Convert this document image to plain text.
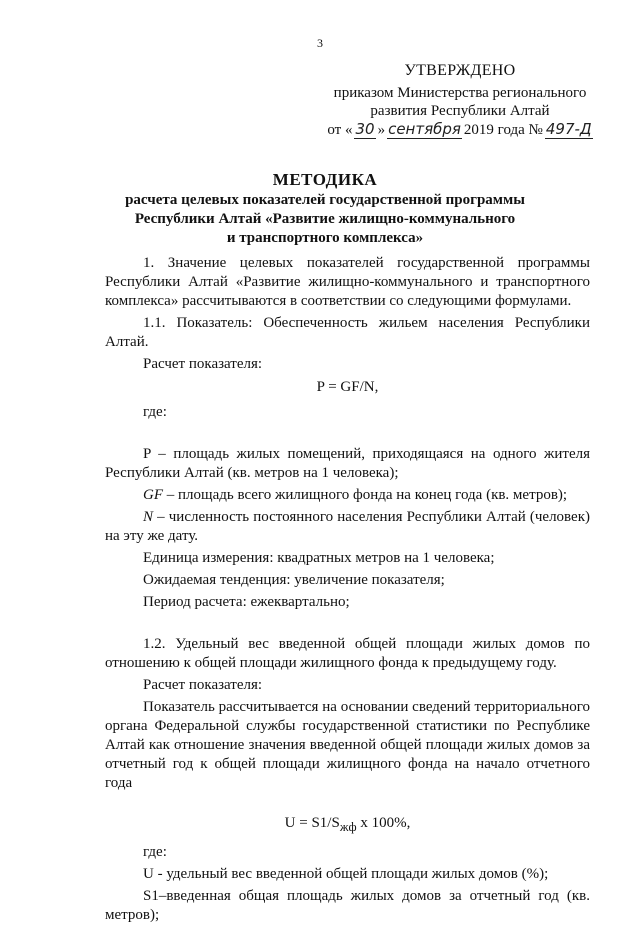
3
УТВЕРЖДЕНО
приказом Министерства регионального
развития Республики Алтай
от « 30 » сентября 2019 года № 497-Д
МЕТОДИКА
расчета целевых показателей государственной программы
Республики Алтай «Развитие жилищно-коммунального
и транспортного комплекса»

1. Значение целевых показателей государственной программы Республики Алтай «Развитие жилищно-коммунального и транспортного комплекса» рассчитываются в соответствии со следующими формулами.

1.1. Показатель: Обеспеченность жильем населения Республики Алтай.

Расчет показателя:
P = GF/N,
где:

P – площадь жилых помещений, приходящаяся на одного жителя Республики Алтай (кв. метров на 1 человека);

GF – площадь всего жилищного фонда на конец года (кв. метров);

N – численность постоянного населения Республики Алтай (человек) на эту же дату.

Единица измерения: квадратных метров на 1 человека;
Ожидаемая тенденция: увеличение показателя;
Период расчета: ежеквартально;

1.2. Удельный вес введенной общей площади жилых домов по отношению к общей площади жилищного фонда к предыдущему году.

Расчет показателя:

Показатель рассчитывается на основании сведений территориального органа Федеральной службы государственной статистики по Республике Алтай как отношение значения введенной общей площади жилых домов за отчетный год к общей площади жилищного фонда на начало отчетного года

$U = S1/S_{жф}$ x 100%,
где:

U - удельный вес введенной общей площади жилых домов (%);

S1–введенная общая площадь жилых домов за отчетный год (кв. метров);
